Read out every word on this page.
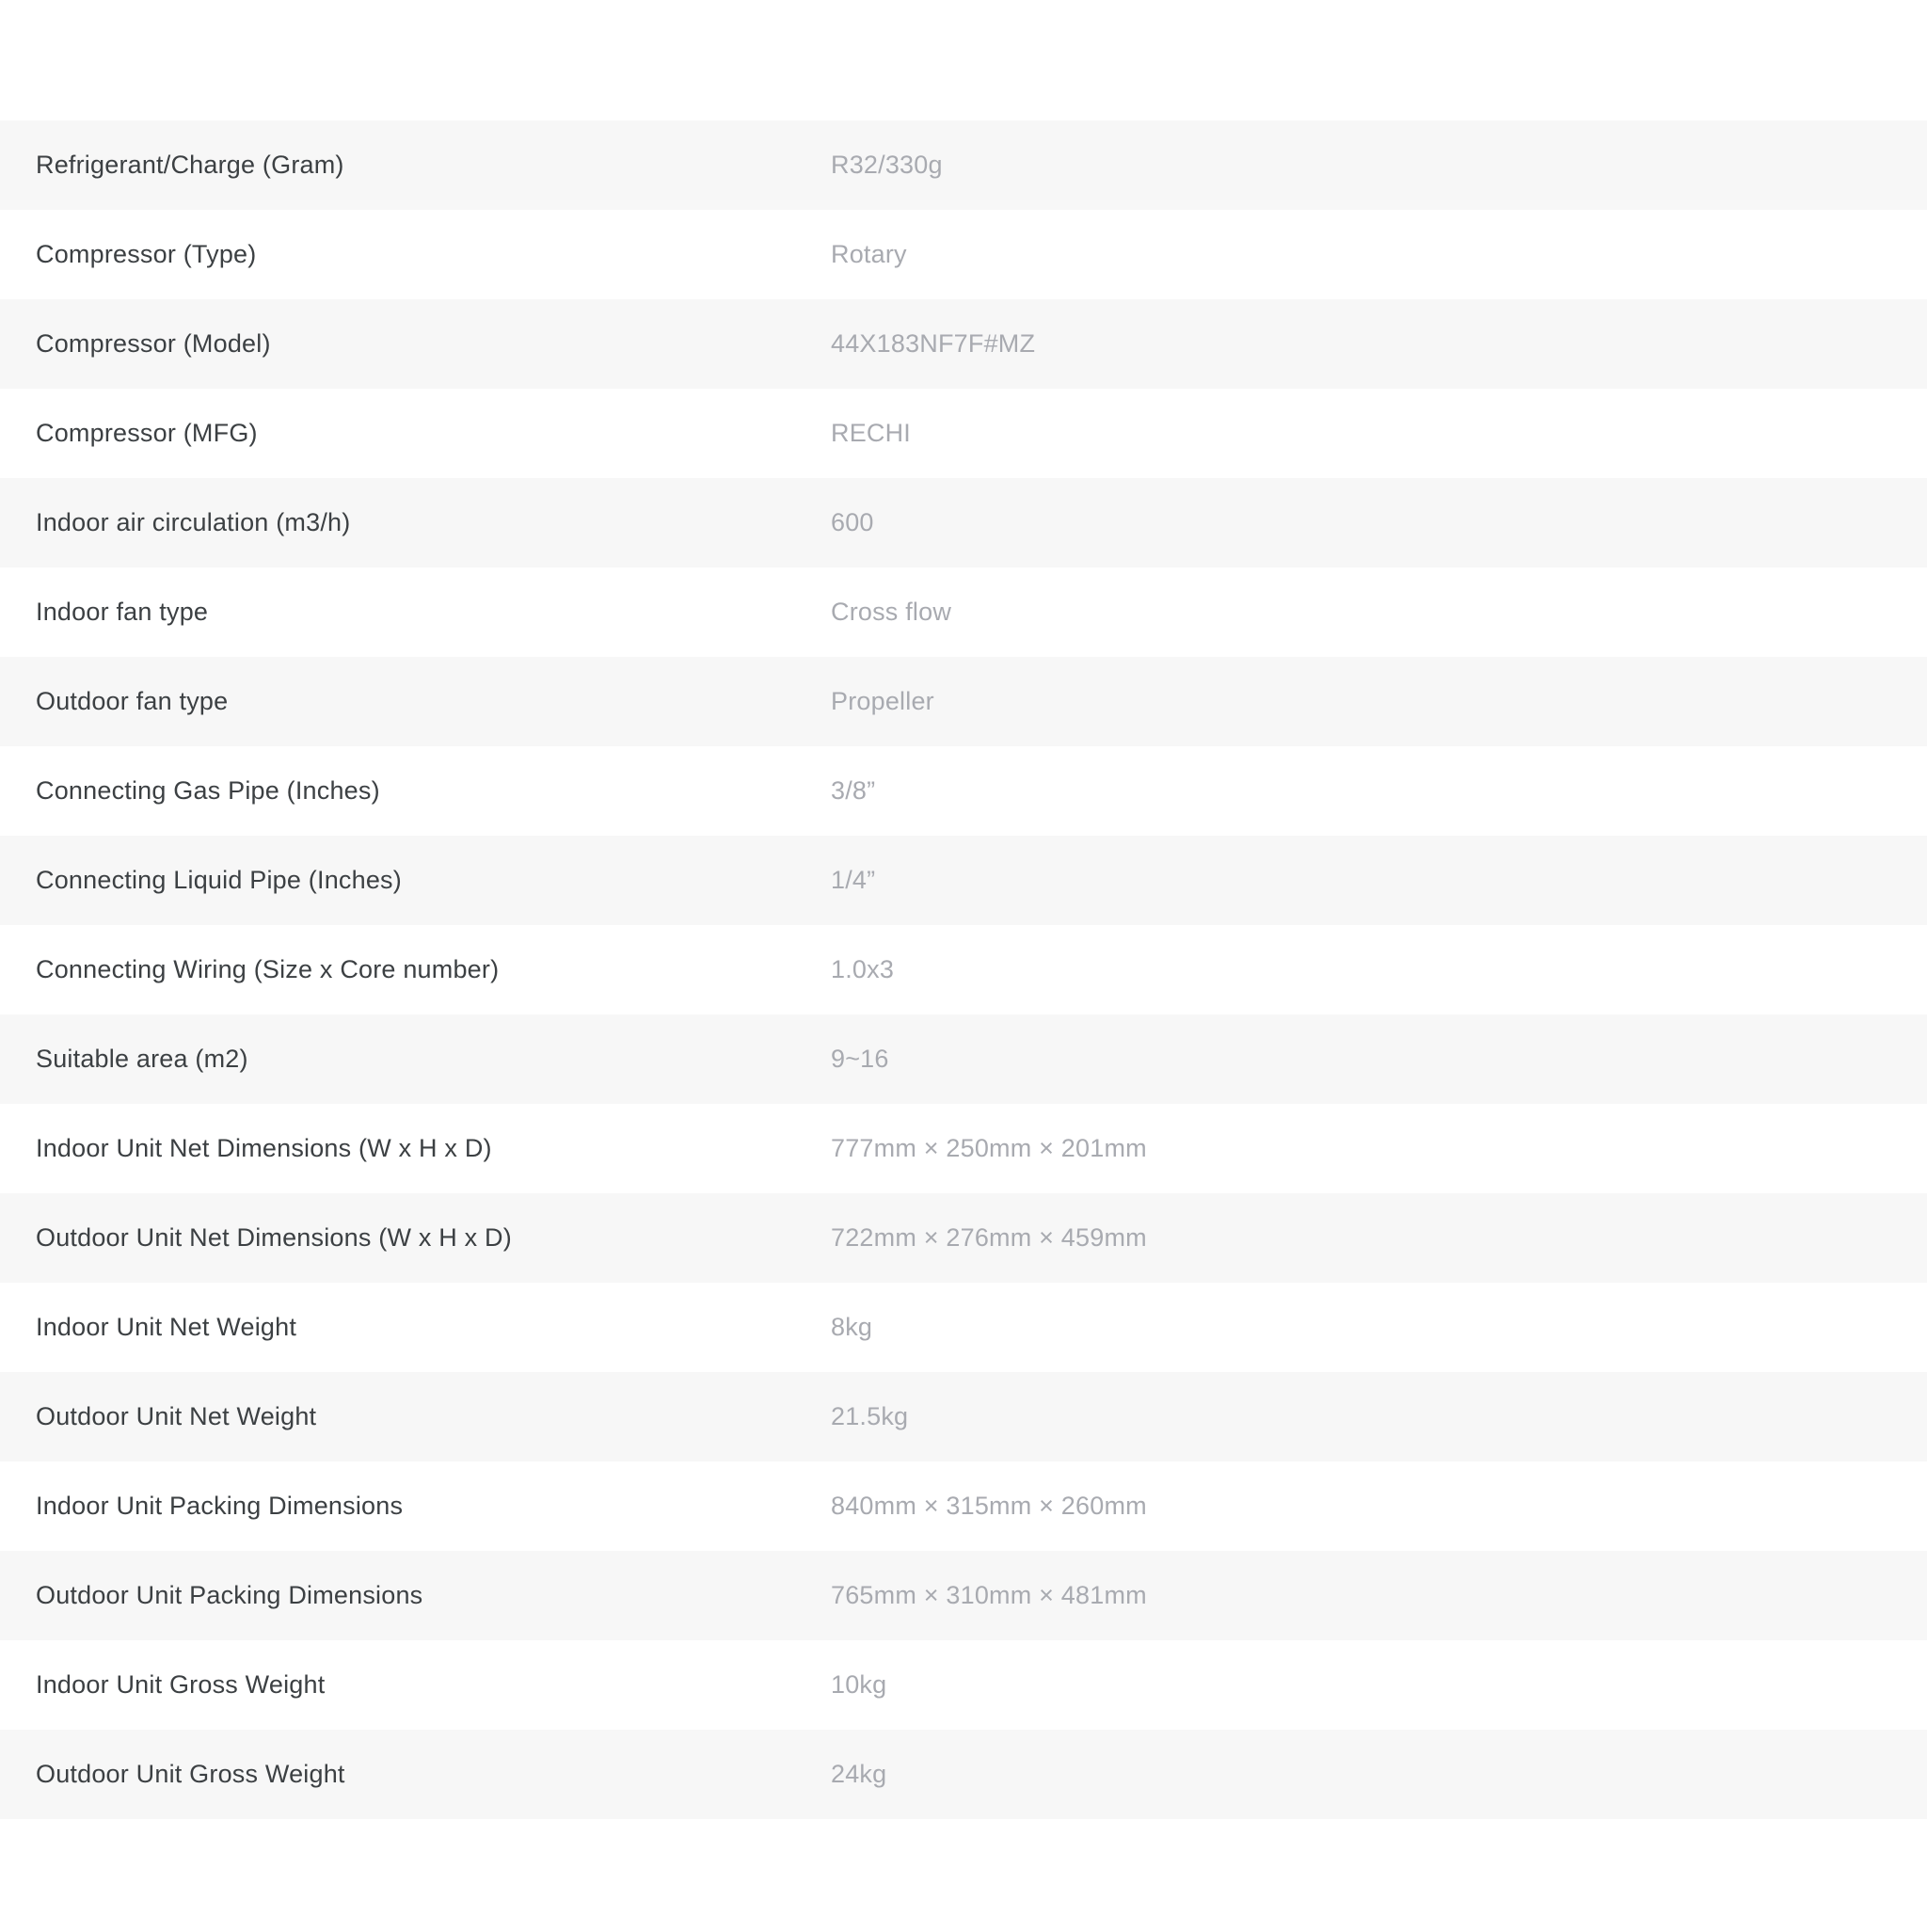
Refrigerant/Charge (Gram)	R32/330g
Compressor (Type)	Rotary
Compressor (Model)	44X183NF7F#MZ
Compressor (MFG)	RECHI
Indoor air circulation (m3/h)	600
Indoor fan type	Cross flow
Outdoor fan type	Propeller
Connecting Gas Pipe (Inches)	3/8”
Connecting Liquid Pipe (Inches)	1/4”
Connecting Wiring (Size x Core number)	1.0x3
Suitable area (m2)	9~16
Indoor Unit Net Dimensions (W x H x D)	777mm × 250mm × 201mm
Outdoor Unit Net Dimensions (W x H x D)	722mm × 276mm × 459mm
Indoor Unit Net Weight	8kg
Outdoor Unit Net Weight	21.5kg
Indoor Unit Packing Dimensions	840mm × 315mm × 260mm
Outdoor Unit Packing Dimensions	765mm × 310mm × 481mm
Indoor Unit Gross Weight	10kg
Outdoor Unit Gross Weight	24kg
